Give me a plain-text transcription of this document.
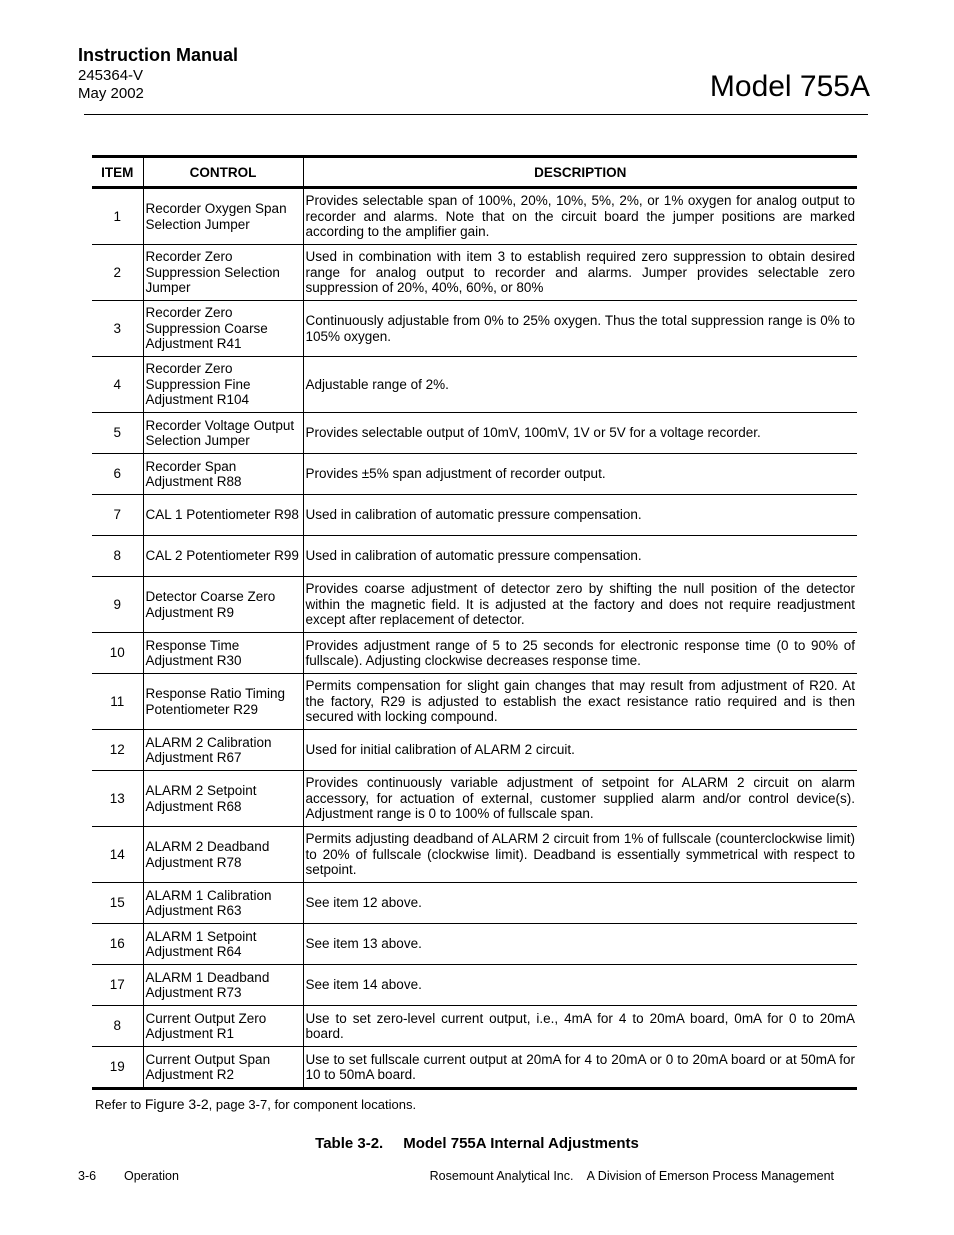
Instruction Manual
245364-V
May 2002	Model 755A
ITEM	CONTROL	DESCRIPTION
1	Recorder Oxygen Span Selection Jumper	Provides selectable span of 100%, 20%, 10%, 5%, 2%, or 1% oxygen for analog output to recorder and alarms. Note that on the circuit board the jumper positions are marked according to the amplifier gain.
2	Recorder Zero Suppression Selection Jumper	Used in combination with item 3 to establish required zero suppression to obtain desired range for analog output to recorder and alarms. Jumper provides selectable zero suppression of 20%, 40%, 60%, or 80%
3	Recorder Zero Suppression Coarse Adjustment R41	Continuously adjustable from 0% to 25% oxygen. Thus the total suppression range is 0% to 105% oxygen.
4	Recorder Zero Suppression Fine Adjustment R104	Adjustable range of 2%.
5	Recorder Voltage Output Selection Jumper	Provides selectable output of 10mV, 100mV, 1V or 5V for a voltage recorder.
6	Recorder Span Adjustment R88	Provides ±5% span adjustment of recorder output.
7	CAL 1 Potentiometer R98	Used in calibration of automatic pressure compensation.
8	CAL 2 Potentiometer R99	Used in calibration of automatic pressure compensation.
9	Detector Coarse Zero Adjustment R9	Provides coarse adjustment of detector zero by shifting the null position of the detector within the magnetic field. It is adjusted at the factory and does not require readjustment except after replacement of detector.
10	Response Time Adjustment R30	Provides adjustment range of 5 to 25 seconds for electronic response time (0 to 90% of fullscale). Adjusting clockwise decreases response time.
11	Response Ratio Timing Potentiometer R29	Permits compensation for slight gain changes that may result from adjustment of R20. At the factory, R29 is adjusted to establish the exact resistance ratio required and is then secured with locking compound.
12	ALARM 2 Calibration Adjustment R67	Used for initial calibration of ALARM 2 circuit.
13	ALARM 2 Setpoint Adjustment R68	Provides continuously variable adjustment of setpoint for ALARM 2 circuit on alarm accessory, for actuation of external, customer supplied alarm and/or control device(s). Adjustment range is 0 to 100% of fullscale span.
14	ALARM 2 Deadband Adjustment R78	Permits adjusting deadband of ALARM 2 circuit from 1% of fullscale (counterclockwise limit) to 20% of fullscale (clockwise limit). Deadband is essentially symmetrical with respect to setpoint.
15	ALARM 1 Calibration Adjustment R63	See item 12 above.
16	ALARM 1 Setpoint Adjustment R64	See item 13 above.
17	ALARM 1 Deadband Adjustment R73	See item 14 above.
8	Current Output Zero Adjustment R1	Use to set zero-level current output, i.e., 4mA for 4 to 20mA board, 0mA for 0 to 20mA board.
19	Current Output Span Adjustment R2	Use to set fullscale current output at 20mA for 4 to 20mA or 0 to 20mA board or at 50mA for 10 to 50mA board.
Refer to Figure 3-2, page 3-7, for component locations.
Table 3-2. Model 755A Internal Adjustments
3-6 Operation	Rosemount Analytical Inc.    A Division of Emerson Process Management
